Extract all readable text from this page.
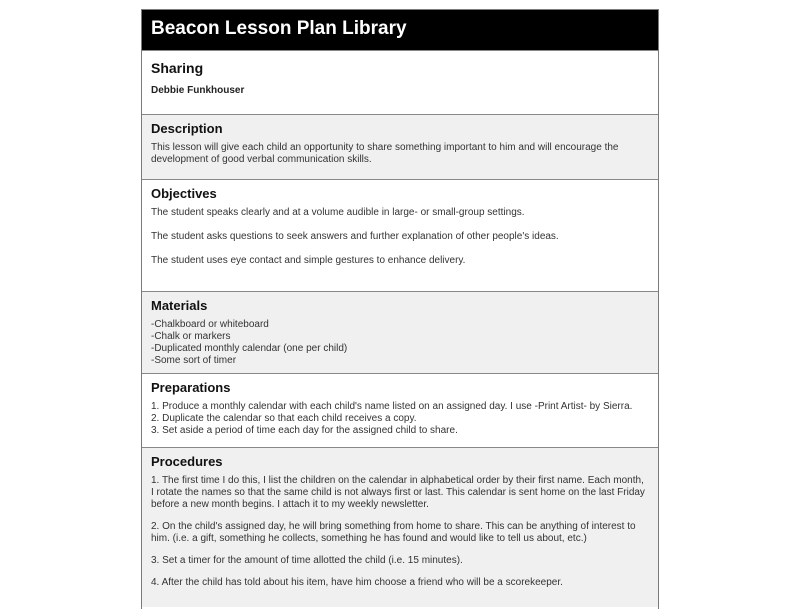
Beacon Lesson Plan Library
Sharing
Debbie Funkhouser
Description

This lesson will give each child an opportunity to share something important to him and will encourage the development of good verbal communication skills.

Objectives

The student speaks clearly and at a volume audible in large- or small-group settings.

The student asks questions to seek answers and further explanation of other people's ideas.

The student uses eye contact and simple gestures to enhance delivery.

Materials

-Chalkboard or whiteboard
-Chalk or markers
-Duplicated monthly calendar (one per child)
-Some sort of timer

Preparations

1. Produce a monthly calendar with each child's name listed on an assigned day. I use -Print Artist- by Sierra.
2. Duplicate the calendar so that each child receives a copy.
3. Set aside a period of time each day for the assigned child to share.

Procedures

1. The first time I do this, I list the children on the calendar in alphabetical order by their first name. Each month, I rotate the names so that the same child is not always first or last. This calendar is sent home on the last Friday before a new month begins. I attach it to my weekly newsletter.

2. On the child's assigned day, he will bring something from home to share. This can be anything of interest to him. (i.e. a gift, something he collects, something he has found and would like to tell us about, etc.)

3. Set a timer for the amount of time allotted the child (i.e. 15 minutes).

4. After the child has told about his item, have him choose a friend who will be a scorekeeper.
